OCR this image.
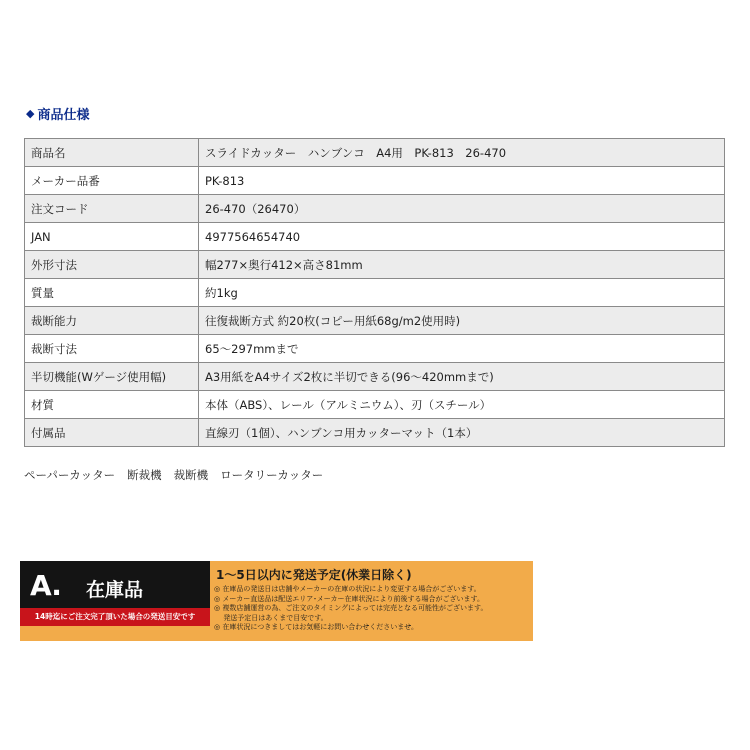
◆ 商品仕様
商品名	スライドカッター　ハンブンコ　A4用　PK-813　26-470
メーカー品番	PK-813
注文コード	26-470（26470）
JAN	4977564654740
外形寸法	幅277×奥行412×高さ81mm
質量	約1kg
裁断能力	往復裁断方式 約20枚(コピー用紙68g/m2使用時)
裁断寸法	65～297mmまで
半切機能(Wゲージ使用幅)	A3用紙をA4サイズ2枚に半切できる(96～420mmまで)
材質	本体（ABS）、レール（アルミニウム）、刃（スチール）
付属品	直線刃（1個）、ハンブンコ用カッターマット（1本）
ペーパーカッター 断裁機 裁断機 ロータリーカッター
A. 在庫品
14時迄にご注文完了頂いた場合の発送目安です
1～5日以内に発送予定(休業日除く)
◎ 在庫品の発送日は店舗やメーカーの在庫の状況により変更する場合がございます。
◎ メーカー直送品は配送エリア･メーカー在庫状況により前後する場合がございます。
◎ 複数店舗運営の為、ご注文のタイミングによっては完売となる可能性がございます。
　 発送予定日はあくまで目安です。
◎ 在庫状況につきましてはお気軽にお問い合わせくださいませ。
